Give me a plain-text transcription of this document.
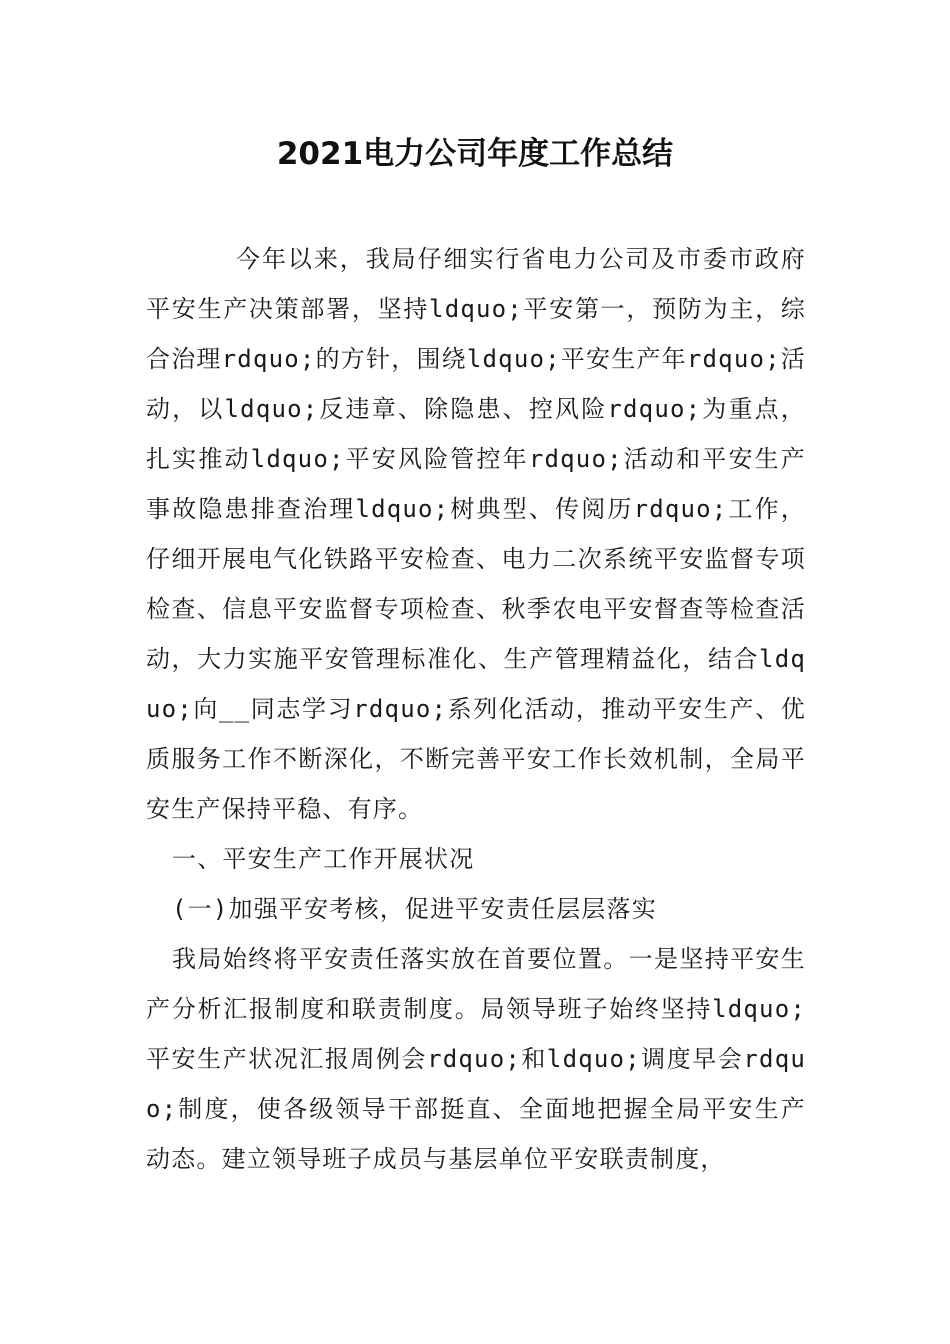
2021电力公司年度工作总结

今年以来，我局仔细实行省电力公司及市委市政府平安生产决策部署，坚持ldquo;平安第一，预防为主，综合治理rdquo;的方针，围绕ldquo;平安生产年rdquo;活动，以ldquo;反违章、除隐患、控风险rdquo;为重点，扎实推动ldquo;平安风险管控年rdquo;活动和平安生产事故隐患排查治理ldquo;树典型、传阅历rdquo;工作，仔细开展电气化铁路平安检查、电力二次系统平安监督专项检查、信息平安监督专项检查、秋季农电平安督查等检查活动，大力实施平安管理标准化、生产管理精益化，结合ldquo;向__同志学习rdquo;系列化活动，推动平安生产、优质服务工作不断深化，不断完善平安工作长效机制，全局平安生产保持平稳、有序。

一、平安生产工作开展状况

(一)加强平安考核，促进平安责任层层落实

我局始终将平安责任落实放在首要位置。一是坚持平安生产分析汇报制度和联责制度。局领导班子始终坚持ldquo;平安生产状况汇报周例会rdquo;和ldquo;调度早会rdquo;制度，使各级领导干部挺直、全面地把握全局平安生产动态。建立领导班子成员与基层单位平安联责制度，
